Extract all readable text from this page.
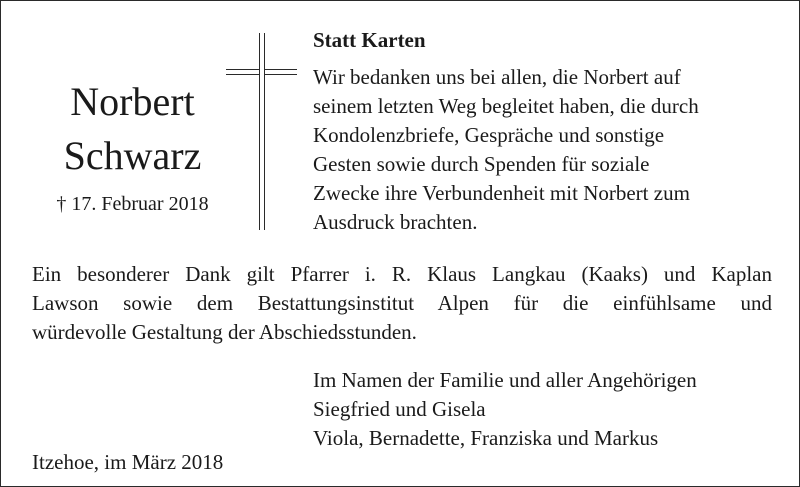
Norbert
Schwarz
† 17. Februar 2018
Statt Karten
Wir bedanken uns bei allen, die Norbert auf
seinem letzten Weg begleitet haben, die durch
Kondolenzbriefe, Gespräche und sonstige
Gesten sowie durch Spenden für soziale
Zwecke ihre Verbundenheit mit Norbert zum
Ausdruck brachten.
Ein besonderer Dank gilt Pfarrer i. R. Klaus Langkau (Kaaks) und Kaplan
Lawson sowie dem Bestattungsinstitut Alpen für die einfühlsame und
würdevolle Gestaltung der Abschiedsstunden.
Im Namen der Familie und aller Angehörigen
Siegfried und Gisela
Viola, Bernadette, Franziska und Markus
Itzehoe, im März 2018
